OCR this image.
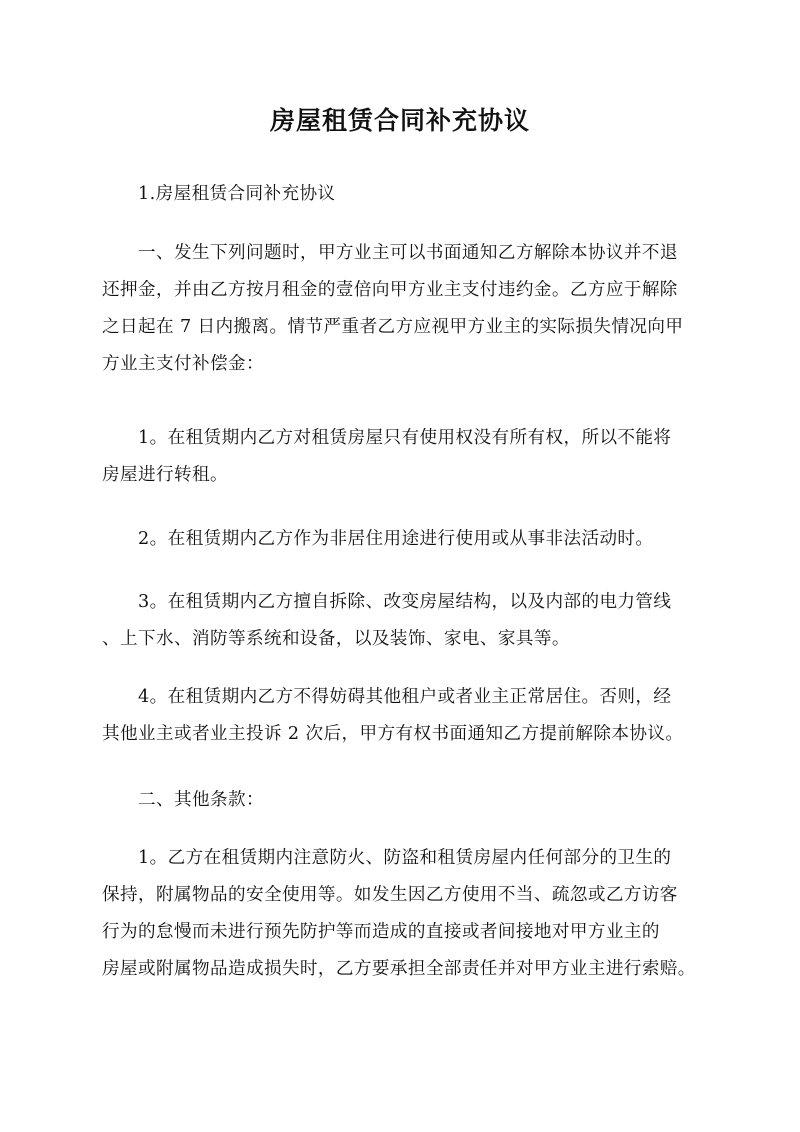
房屋租赁合同补充协议
1.房屋租赁合同补充协议
一、发生下列问题时，甲方业主可以书面通知乙方解除本协议并不退
还押金，并由乙方按月租金的壹倍向甲方业主支付违约金。乙方应于解除
之日起在 7 日内搬离。情节严重者乙方应视甲方业主的实际损失情况向甲
方业主支付补偿金：
1。在租赁期内乙方对租赁房屋只有使用权没有所有权，所以不能将
房屋进行转租。
2。在租赁期内乙方作为非居住用途进行使用或从事非法活动时。
3。在租赁期内乙方擅自拆除、改变房屋结构，以及内部的电力管线
、上下水、消防等系统和设备，以及装饰、家电、家具等。
4。在租赁期内乙方不得妨碍其他租户或者业主正常居住。否则，经
其他业主或者业主投诉 2 次后，甲方有权书面通知乙方提前解除本协议。
二、其他条款：
1。乙方在租赁期内注意防火、防盗和租赁房屋内任何部分的卫生的
保持，附属物品的安全使用等。如发生因乙方使用不当、疏忽或乙方访客
行为的怠慢而未进行预先防护等而造成的直接或者间接地对甲方业主的
房屋或附属物品造成损失时，乙方要承担全部责任并对甲方业主进行索赔。
